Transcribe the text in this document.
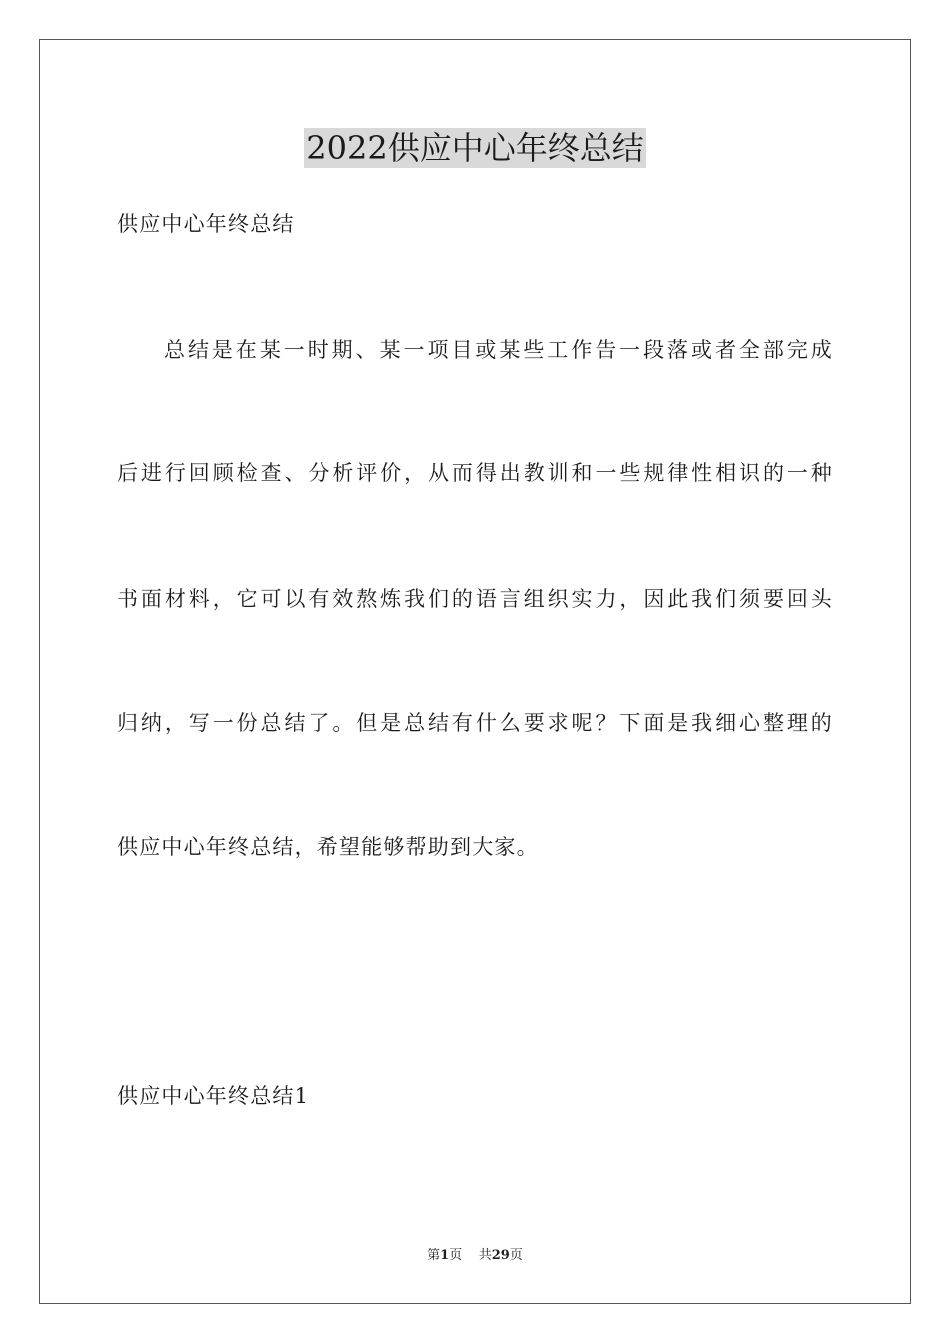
2022供应中心年终总结
供应中心年终总结
总结是在某一时期、某一项目或某些工作告一段落或者全部完成
后进行回顾检查、分析评价，从而得出教训和一些规律性相识的一种
书面材料，它可以有效熬炼我们的语言组织实力，因此我们须要回头
归纳，写一份总结了。但是总结有什么要求呢？下面是我细心整理的
供应中心年终总结，希望能够帮助到大家。
供应中心年终总结1
第1页 共29页
